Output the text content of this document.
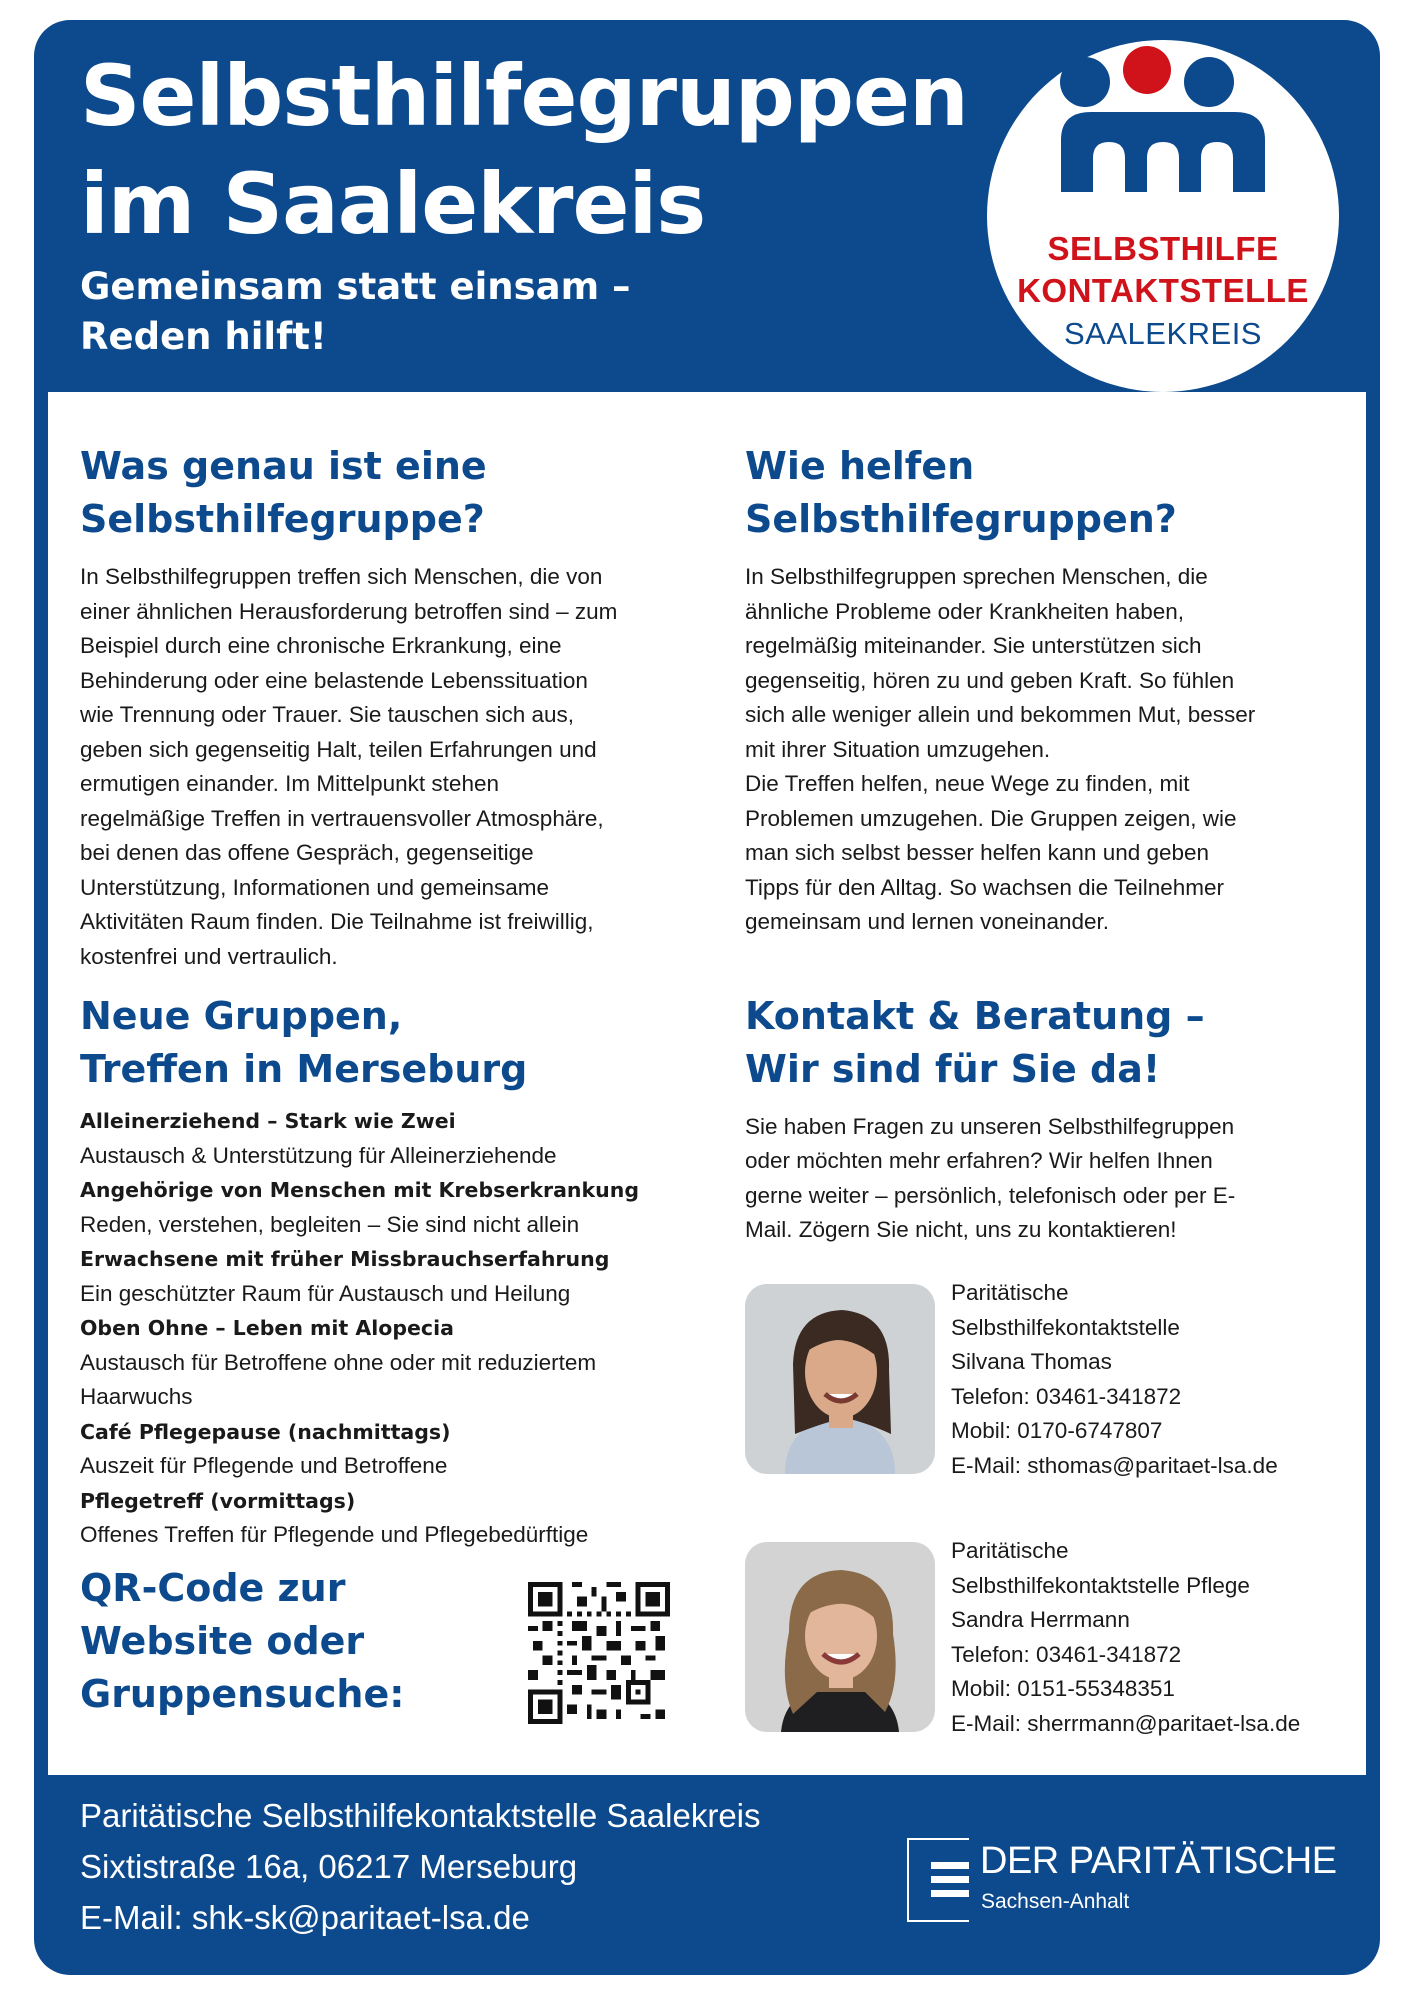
Selbsthilfegruppen
im Saalekreis
Gemeinsam statt einsam –
Reden hilft!
SELBSTHILFE
KONTAKTSTELLE
SAALEKREIS
Was genau ist eine
Selbsthilfegruppe?
In Selbsthilfegruppen treffen sich Menschen, die von
einer ähnlichen Herausforderung betroffen sind – zum
Beispiel durch eine chronische Erkrankung, eine
Behinderung oder eine belastende Lebenssituation
wie Trennung oder Trauer. Sie tauschen sich aus,
geben sich gegenseitig Halt, teilen Erfahrungen und
ermutigen einander. Im Mittelpunkt stehen
regelmäßige Treffen in vertrauensvoller Atmosphäre,
bei denen das offene Gespräch, gegenseitige
Unterstützung, Informationen und gemeinsame
Aktivitäten Raum finden. Die Teilnahme ist freiwillig,
kostenfrei und vertraulich.
Neue Gruppen,
Treffen in Merseburg
Alleinerziehend – Stark wie Zwei
Austausch & Unterstützung für Alleinerziehende
Angehörige von Menschen mit Krebserkrankung
Reden, verstehen, begleiten – Sie sind nicht allein
Erwachsene mit früher Missbrauchserfahrung
Ein geschützter Raum für Austausch und Heilung
Oben Ohne – Leben mit Alopecia
Austausch für Betroffene ohne oder mit reduziertem
Haarwuchs
Café Pflegepause (nachmittags)
Auszeit für Pflegende und Betroffene
Pflegetreff (vormittags)
Offenes Treffen für Pflegende und Pflegebedürftige
Wie helfen
Selbsthilfegruppen?
In Selbsthilfegruppen sprechen Menschen, die
ähnliche Probleme oder Krankheiten haben,
regelmäßig miteinander. Sie unterstützen sich
gegenseitig, hören zu und geben Kraft. So fühlen
sich alle weniger allein und bekommen Mut, besser
mit ihrer Situation umzugehen.
Die Treffen helfen, neue Wege zu finden, mit
Problemen umzugehen. Die Gruppen zeigen, wie
man sich selbst besser helfen kann und geben
Tipps für den Alltag. So wachsen die Teilnehmer
gemeinsam und lernen voneinander.
Kontakt & Beratung –
Wir sind für Sie da!
Sie haben Fragen zu unseren Selbsthilfegruppen
oder möchten mehr erfahren? Wir helfen Ihnen
gerne weiter – persönlich, telefonisch oder per E-
Mail. Zögern Sie nicht, uns zu kontaktieren!
Paritätische
Selbsthilfekontaktstelle
Silvana Thomas
Telefon: 03461-341872
Mobil: 0170-6747807
E-Mail: sthomas@paritaet-lsa.de
Paritätische
Selbsthilfekontaktstelle Pflege
Sandra Herrmann
Telefon: 03461-341872
Mobil: 0151-55348351
E-Mail: sherrmann@paritaet-lsa.de
QR-Code zur
Website oder
Gruppensuche:
Paritätische Selbsthilfekontaktstelle Saalekreis
Sixtistraße 16a, 06217 Merseburg
E-Mail: shk-sk@paritaet-lsa.de
DER PARITÄTISCHE
Sachsen-Anhalt
